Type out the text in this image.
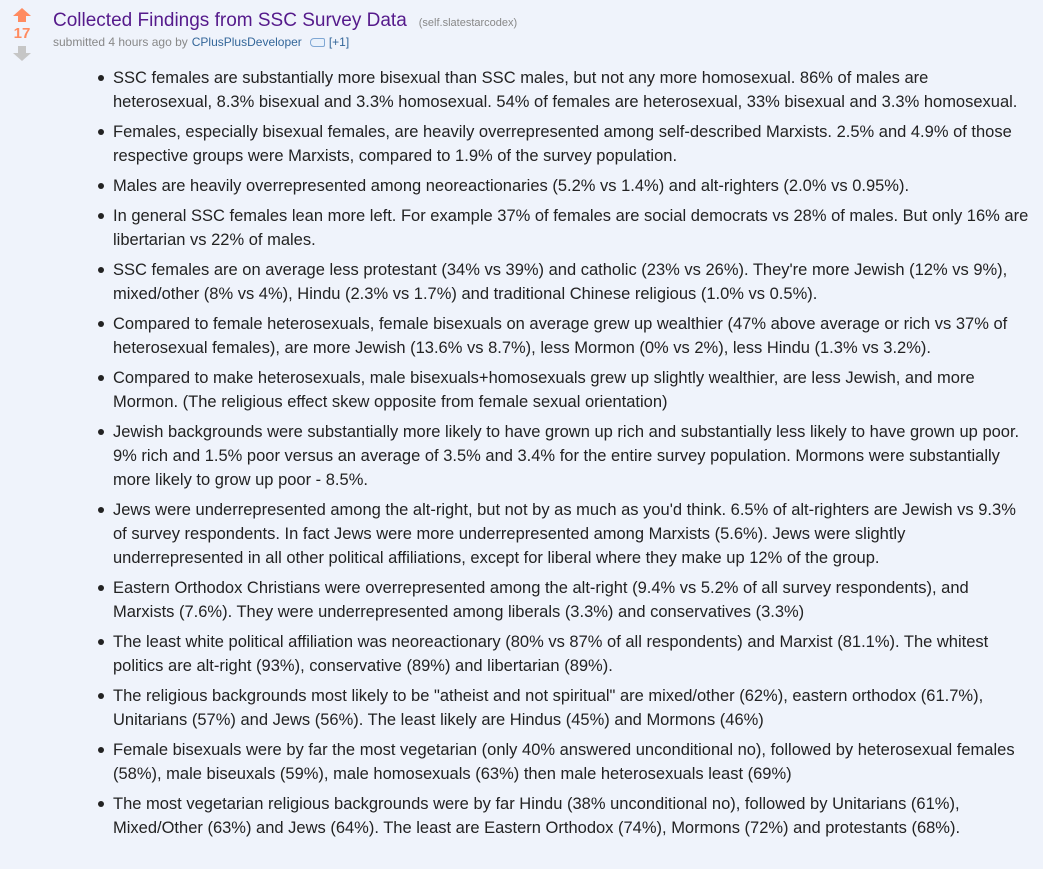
17
Collected Findings from SSC Survey Data (self.slatestarcodex)
submitted 4 hours ago by CPlusPlusDeveloper [+1]
SSC females are substantially more bisexual than SSC males, but not any more homosexual. 86% of males are heterosexual, 8.3% bisexual and 3.3% homosexual. 54% of females are heterosexual, 33% bisexual and 3.3% homosexual.
Females, especially bisexual females, are heavily overrepresented among self-described Marxists. 2.5% and 4.9% of those respective groups were Marxists, compared to 1.9% of the survey population.
Males are heavily overrepresented among neoreactionaries (5.2% vs 1.4%) and alt-righters (2.0% vs 0.95%).
In general SSC females lean more left. For example 37% of females are social democrats vs 28% of males. But only 16% are libertarian vs 22% of males.
SSC females are on average less protestant (34% vs 39%) and catholic (23% vs 26%). They're more Jewish (12% vs 9%), mixed/other (8% vs 4%), Hindu (2.3% vs 1.7%) and traditional Chinese religious (1.0% vs 0.5%).
Compared to female heterosexuals, female bisexuals on average grew up wealthier (47% above average or rich vs 37% of heterosexual females), are more Jewish (13.6% vs 8.7%), less Mormon (0% vs 2%), less Hindu (1.3% vs 3.2%).
Compared to make heterosexuals, male bisexuals+homosexuals grew up slightly wealthier, are less Jewish, and more Mormon. (The religious effect skew opposite from female sexual orientation)
Jewish backgrounds were substantially more likely to have grown up rich and substantially less likely to have grown up poor. 9% rich and 1.5% poor versus an average of 3.5% and 3.4% for the entire survey population. Mormons were substantially more likely to grow up poor - 8.5%.
Jews were underrepresented among the alt-right, but not by as much as you'd think. 6.5% of alt-righters are Jewish vs 9.3% of survey respondents. In fact Jews were more underrepresented among Marxists (5.6%). Jews were slightly underrepresented in all other political affiliations, except for liberal where they make up 12% of the group.
Eastern Orthodox Christians were overrepresented among the alt-right (9.4% vs 5.2% of all survey respondents), and Marxists (7.6%). They were underrepresented among liberals (3.3%) and conservatives (3.3%)
The least white political affiliation was neoreactionary (80% vs 87% of all respondents) and Marxist (81.1%). The whitest politics are alt-right (93%), conservative (89%) and libertarian (89%).
The religious backgrounds most likely to be "atheist and not spiritual" are mixed/other (62%), eastern orthodox (61.7%), Unitarians (57%) and Jews (56%). The least likely are Hindus (45%) and Mormons (46%)
Female bisexuals were by far the most vegetarian (only 40% answered unconditional no), followed by heterosexual females (58%), male biseuxals (59%), male homosexuals (63%) then male heterosexuals least (69%)
The most vegetarian religious backgrounds were by far Hindu (38% unconditional no), followed by Unitarians (61%), Mixed/Other (63%) and Jews (64%). The least are Eastern Orthodox (74%), Mormons (72%) and protestants (68%).
